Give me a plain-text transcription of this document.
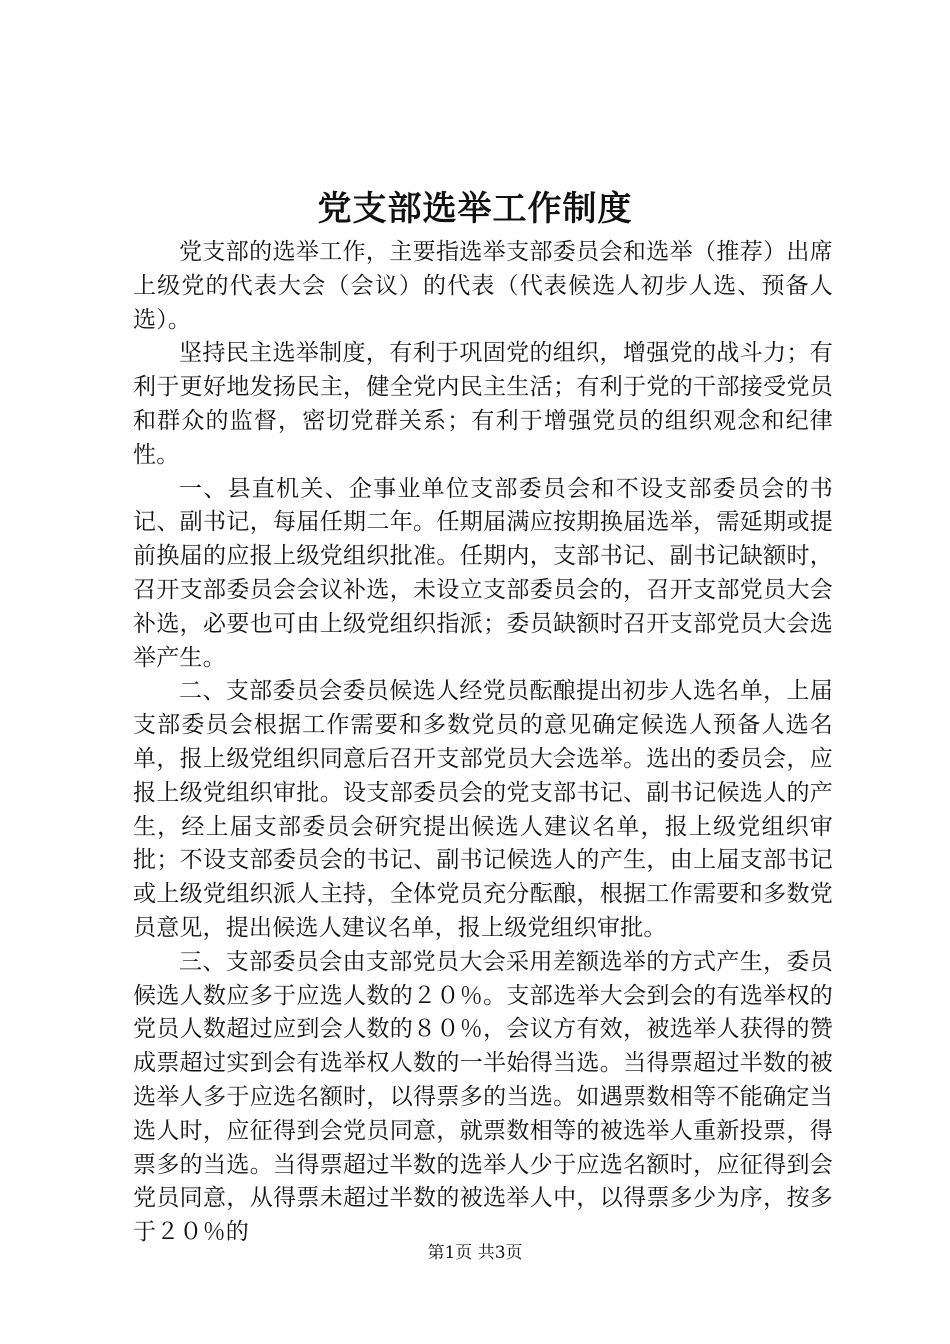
党支部选举工作制度

党支部的选举工作，主要指选举支部委员会和选举（推荐）出席上级党的代表大会（会议）的代表（代表候选人初步人选、预备人选）。

坚持民主选举制度，有利于巩固党的组织，增强党的战斗力；有利于更好地发扬民主，健全党内民主生活；有利于党的干部接受党员和群众的监督，密切党群关系；有利于增强党员的组织观念和纪律性。

一、县直机关、企事业单位支部委员会和不设支部委员会的书记、副书记，每届任期二年。任期届满应按期换届选举，需延期或提前换届的应报上级党组织批准。任期内，支部书记、副书记缺额时，召开支部委员会会议补选，未设立支部委员会的，召开支部党员大会补选，必要也可由上级党组织指派；委员缺额时召开支部党员大会选举产生。

二、支部委员会委员候选人经党员酝酿提出初步人选名单，上届支部委员会根据工作需要和多数党员的意见确定候选人预备人选名单，报上级党组织同意后召开支部党员大会选举。选出的委员会，应报上级党组织审批。设支部委员会的党支部书记、副书记候选人的产生，经上届支部委员会研究提出候选人建议名单，报上级党组织审批；不设支部委员会的书记、副书记候选人的产生，由上届支部书记或上级党组织派人主持，全体党员充分酝酿，根据工作需要和多数党员意见，提出候选人建议名单，报上级党组织审批。

三、支部委员会由支部党员大会采用差额选举的方式产生，委员候选人数应多于应选人数的２０％。支部选举大会到会的有选举权的党员人数超过应到会人数的８０％，会议方有效，被选举人获得的赞成票超过实到会有选举权人数的一半始得当选。当得票超过半数的被选举人多于应选名额时，以得票多的当选。如遇票数相等不能确定当选人时，应征得到会党员同意，就票数相等的被选举人重新投票，得票多的当选。当得票超过半数的选举人少于应选名额时，应征得到会党员同意，从得票未超过半数的被选举人中，以得票多少为序，按多于２０％的

第1页 共3页
